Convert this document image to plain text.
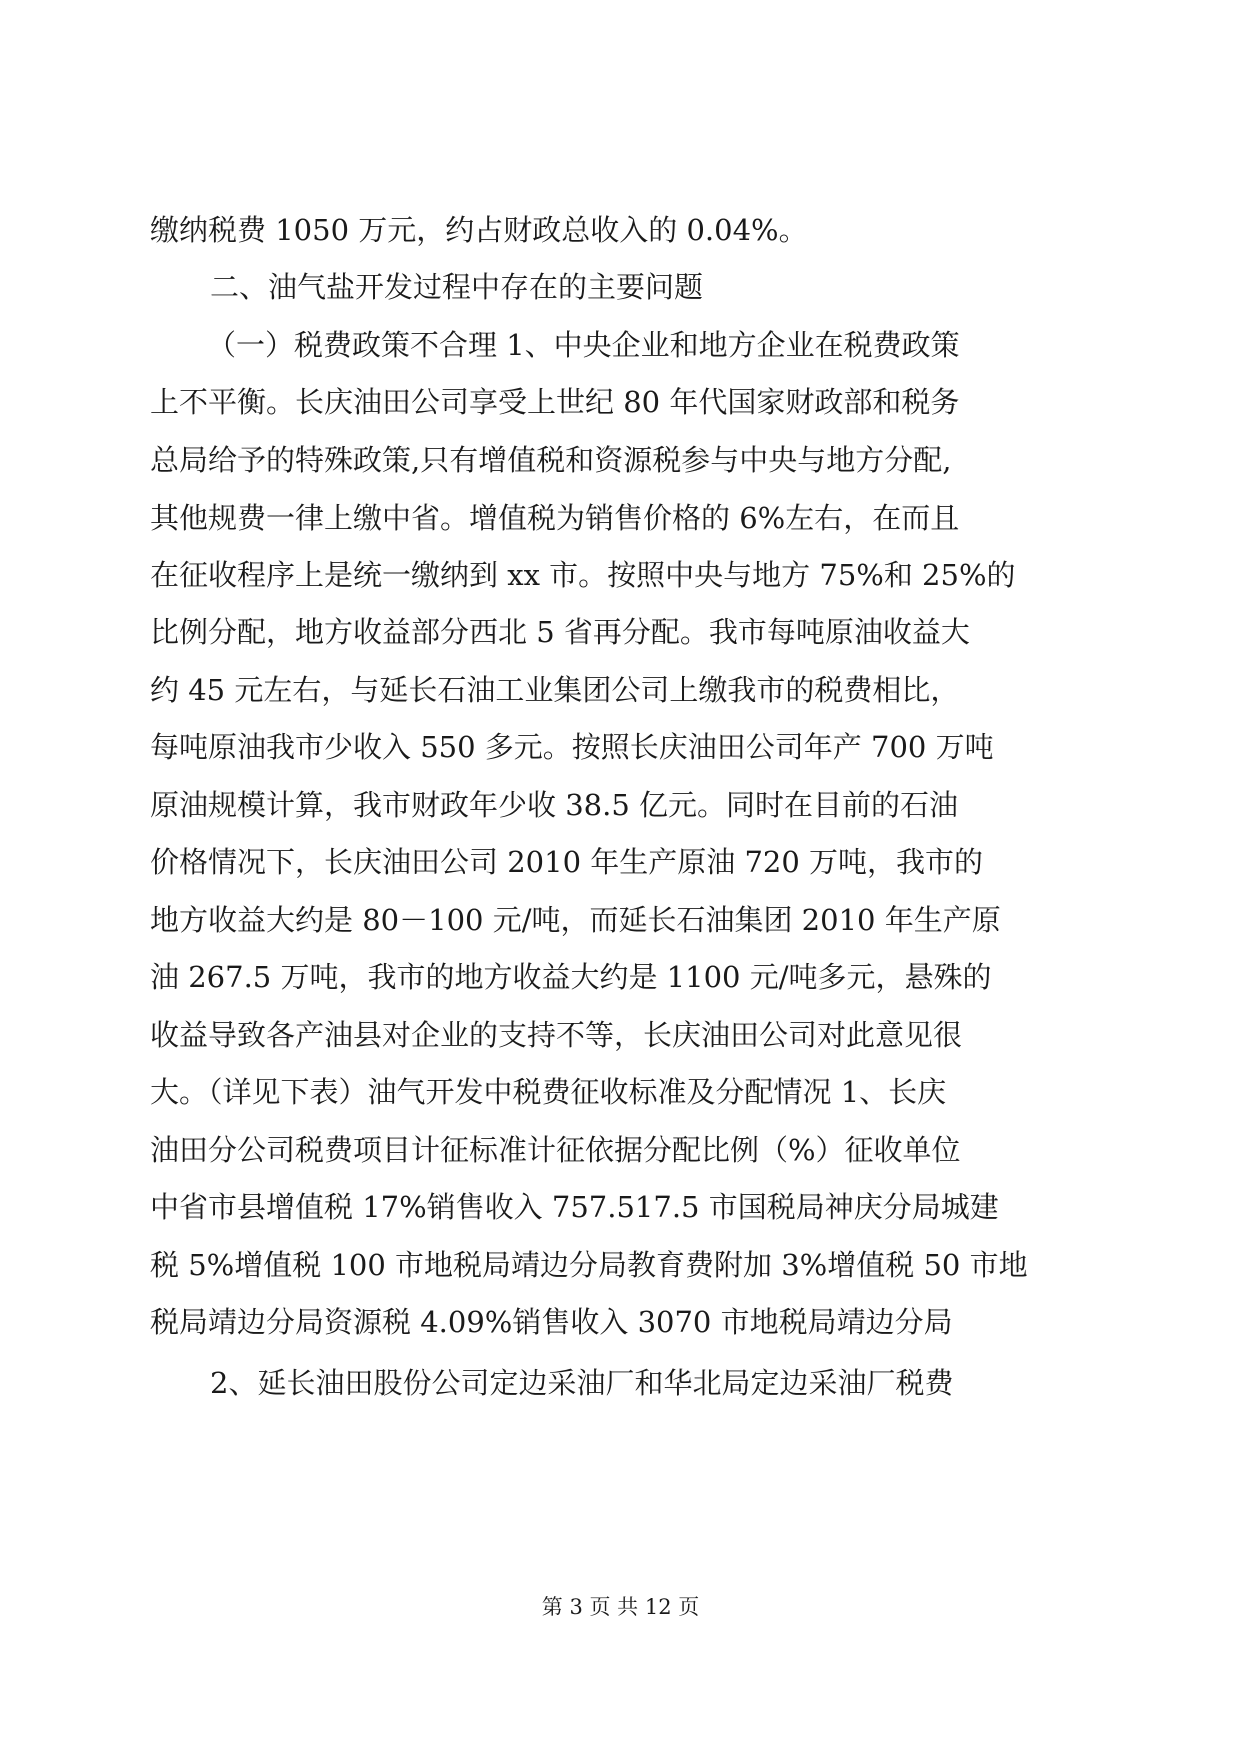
缴纳税费 1050 万元，约占财政总收入的 0.04%。
二、油气盐开发过程中存在的主要问题
（一）税费政策不合理 1、中央企业和地方企业在税费政策
上不平衡。长庆油田公司享受上世纪 80 年代国家财政部和税务
总局给予的特殊政策,只有增值税和资源税参与中央与地方分配,
其他规费一律上缴中省。增值税为销售价格的 6%左右，在而且
在征收程序上是统一缴纳到 xx 市。按照中央与地方 75%和 25%的
比例分配，地方收益部分西北 5 省再分配。我市每吨原油收益大
约 45 元左右，与延长石油工业集团公司上缴我市的税费相比，
每吨原油我市少收入 550 多元。按照长庆油田公司年产 700 万吨
原油规模计算，我市财政年少收 38.5 亿元。同时在目前的石油
价格情况下，长庆油田公司 2010 年生产原油 720 万吨，我市的
地方收益大约是 80－100 元/吨，而延长石油集团 2010 年生产原
油 267.5 万吨，我市的地方收益大约是 1100 元/吨多元，悬殊的
收益导致各产油县对企业的支持不等，长庆油田公司对此意见很
大。（详见下表）油气开发中税费征收标准及分配情况 1、长庆
油田分公司税费项目计征标准计征依据分配比例（%）征收单位
中省市县增值税 17%销售收入 757.517.5 市国税局神庆分局城建
税 5%增值税 100 市地税局靖边分局教育费附加 3%增值税 50 市地
税局靖边分局资源税 4.09%销售收入 3070 市地税局靖边分局
2、延长油田股份公司定边采油厂和华北局定边采油厂税费
第 3 页 共 12 页
